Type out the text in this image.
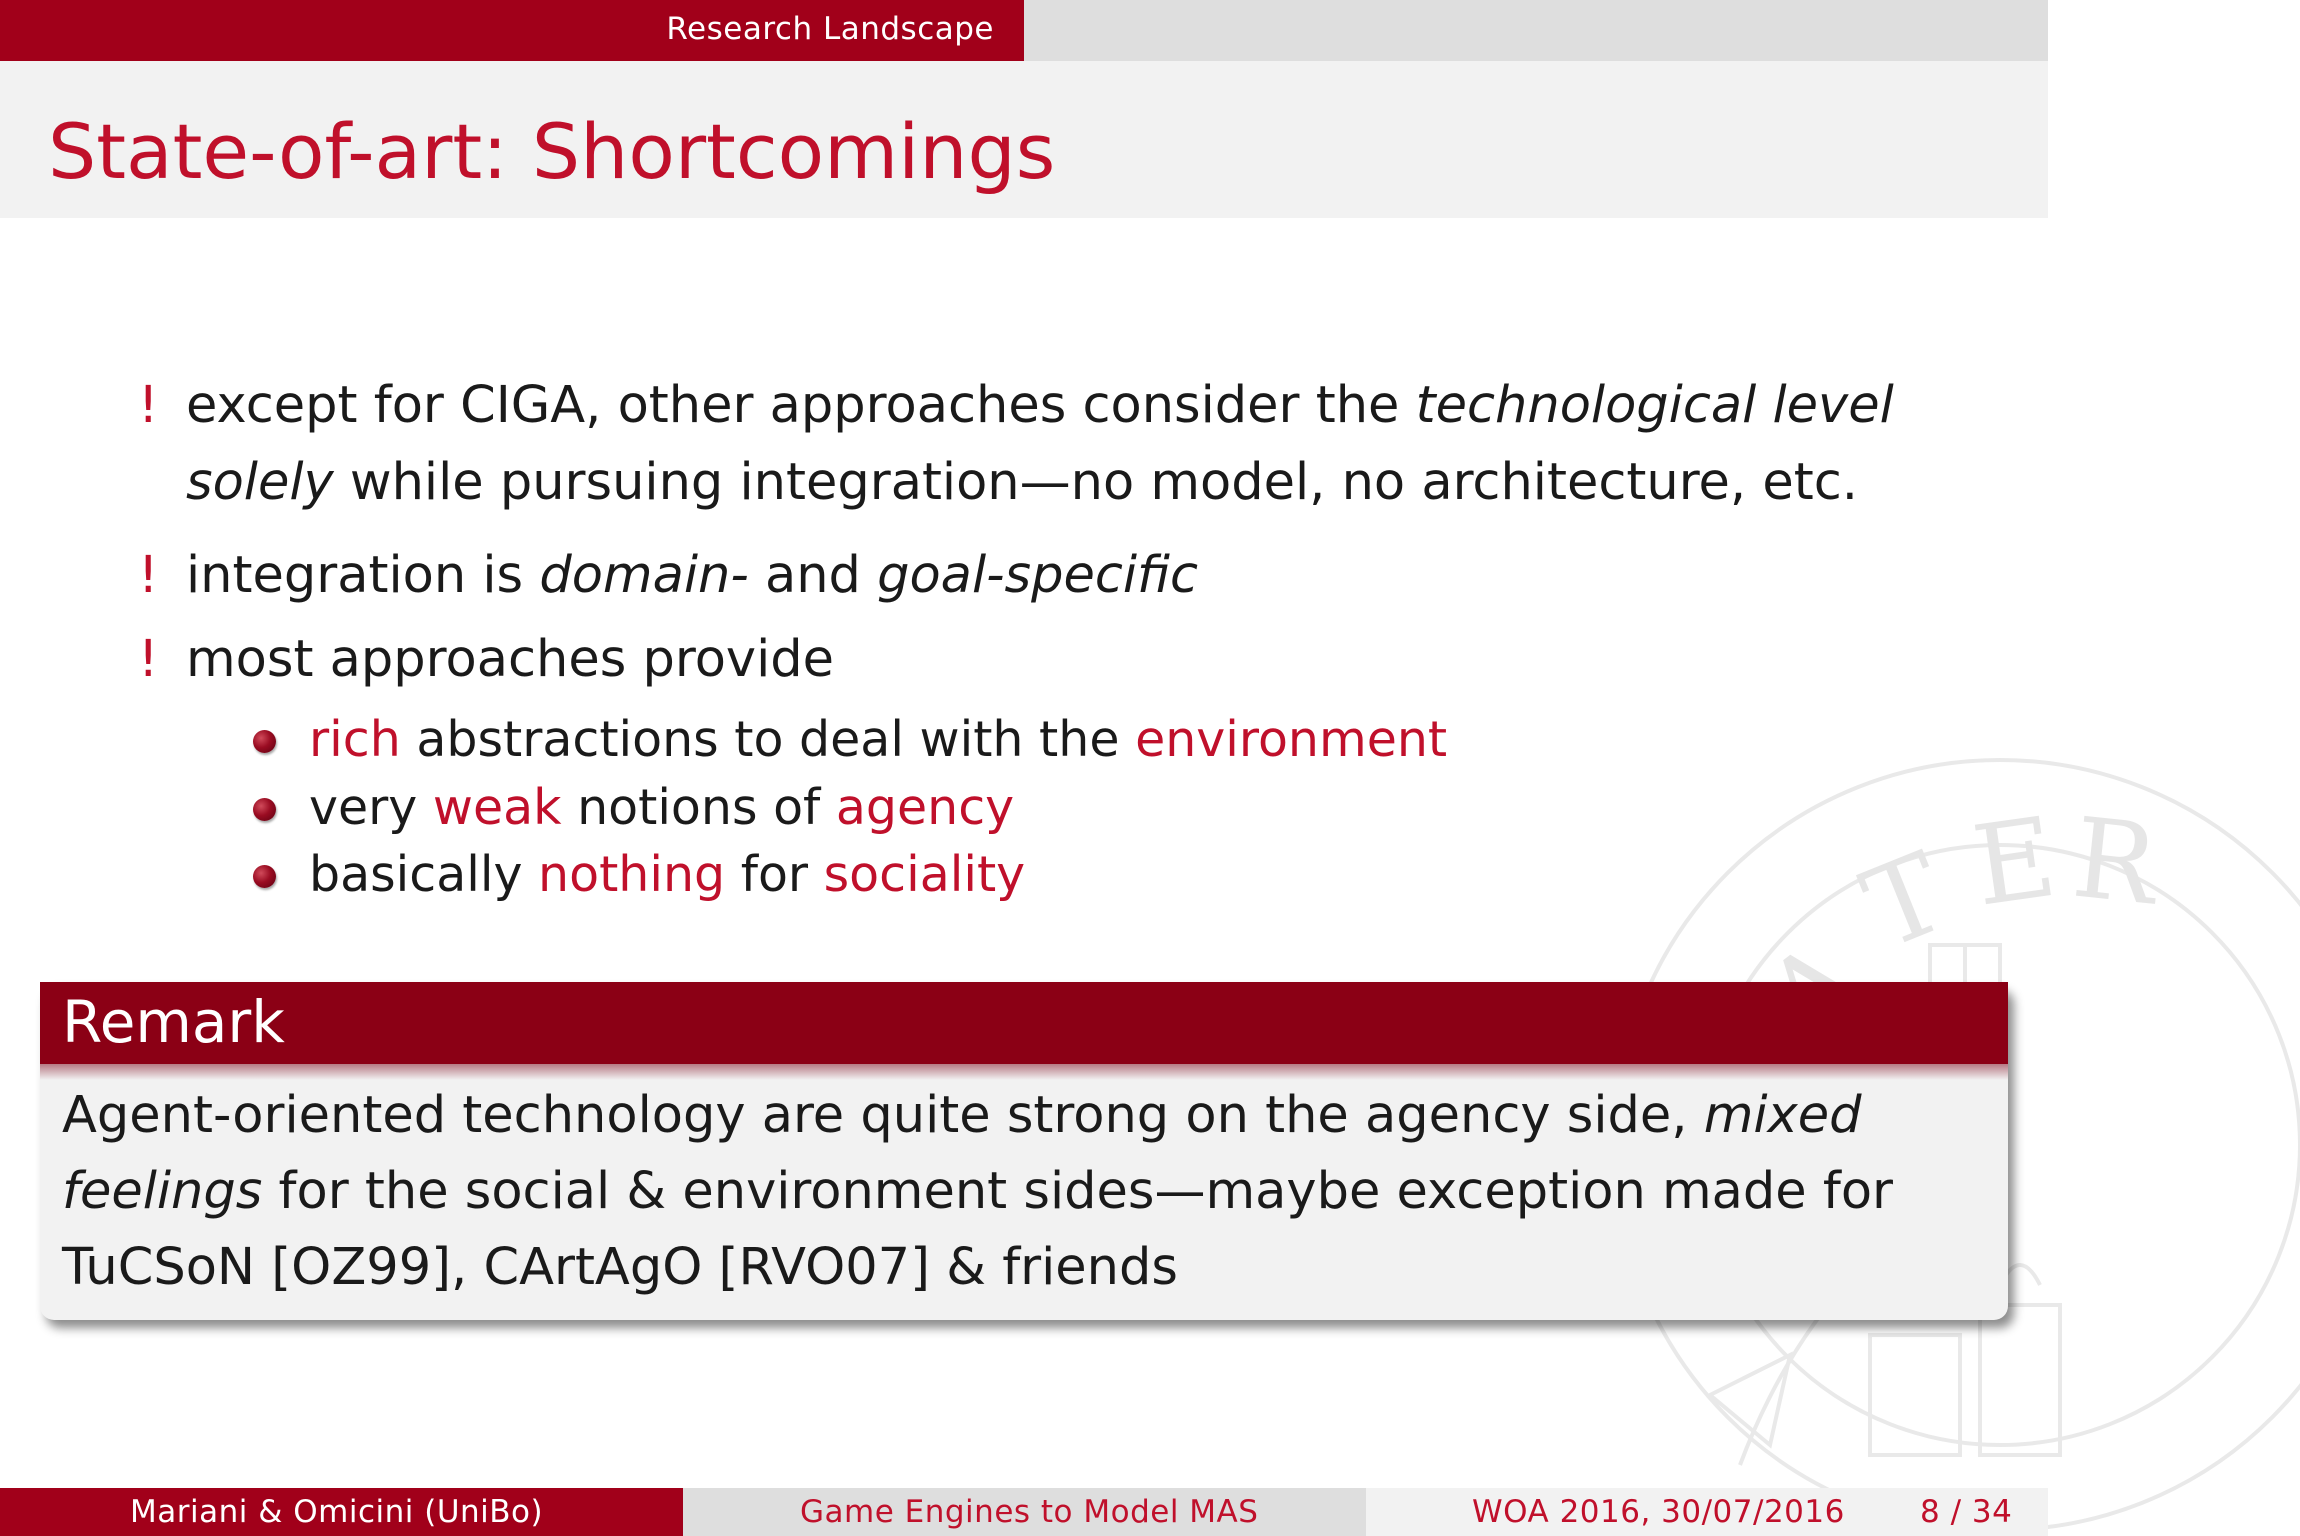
Research Landscape
State-of-art: Shortcomings
T E R
! except for CIGA, other approaches consider the technological level
solely while pursuing integration—no model, no architecture, etc.
! integration is domain- and goal-specific
! most approaches provide
rich abstractions to deal with the environment
very weak notions of agency
basically nothing for sociality
Remark
Agent-oriented technology are quite strong on the agency side, mixed
feelings for the social & environment sides—maybe exception made for
TuCSoN [OZ99], CArtAgO [RVO07] & friends
Mariani & Omicini (UniBo)	Game Engines to Model MAS	WOA 2016, 30/07/2016 8 / 34
